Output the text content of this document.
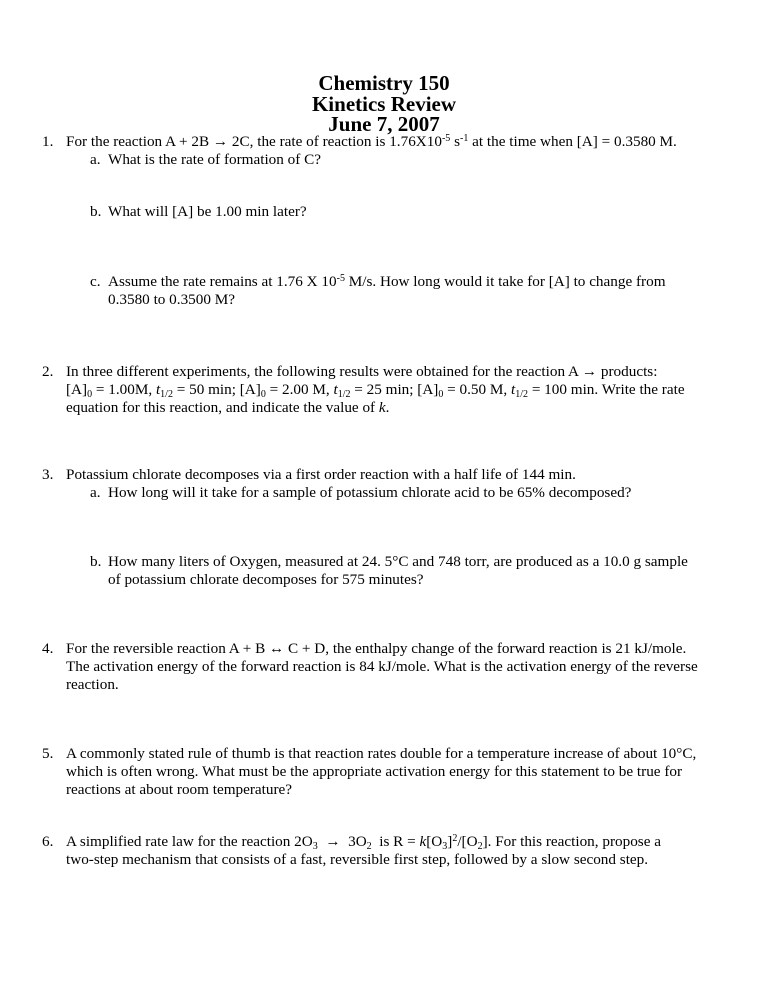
Chemistry 150
Kinetics Review
June 7, 2007
1. For the reaction A + 2B → 2C, the rate of reaction is $1.76X10^{-5}$ $s^{-1}$ at the time when [A] = 0.3580 M.
a. What is the rate of formation of C?
b. What will [A] be 1.00 min later?
c. Assume the rate remains at 1.76 X $10^{-5}$ M/s. How long would it take for [A] to change from
0.3580 to 0.3500 M?
2. In three different experiments, the following results were obtained for the reaction A → products:
$[A]_0 = 1.00M$, $t_{1/2} = 50$ min; $[A]_0 = 2.00$ M, $t_{1/2} = 25$ min; $[A]_0 = 0.50$ M, $t_{1/2} = 100$ min. Write the rate
equation for this reaction, and indicate the value of k.
3. Potassium chlorate decomposes via a first order reaction with a half life of 144 min.
a. How long will it take for a sample of potassium chlorate acid to be 65% decomposed?
b. How many liters of Oxygen, measured at 24. 5°C and 748 torr, are produced as a 10.0 g sample
of potassium chlorate decomposes for 575 minutes?
4. For the reversible reaction A + B ↔ C + D, the enthalpy change of the forward reaction is 21 kJ/mole.
The activation energy of the forward reaction is 84 kJ/mole. What is the activation energy of the reverse
reaction.
5. A commonly stated rule of thumb is that reaction rates double for a temperature increase of about 10°C,
which is often wrong. What must be the appropriate activation energy for this statement to be true for
reactions at about room temperature?
6. A simplified rate law for the reaction $2O_3 \to 3O_2$  is $R = k[O_3]^2/[O_2]$. For this reaction, propose a
two-step mechanism that consists of a fast, reversible first step, followed by a slow second step.
